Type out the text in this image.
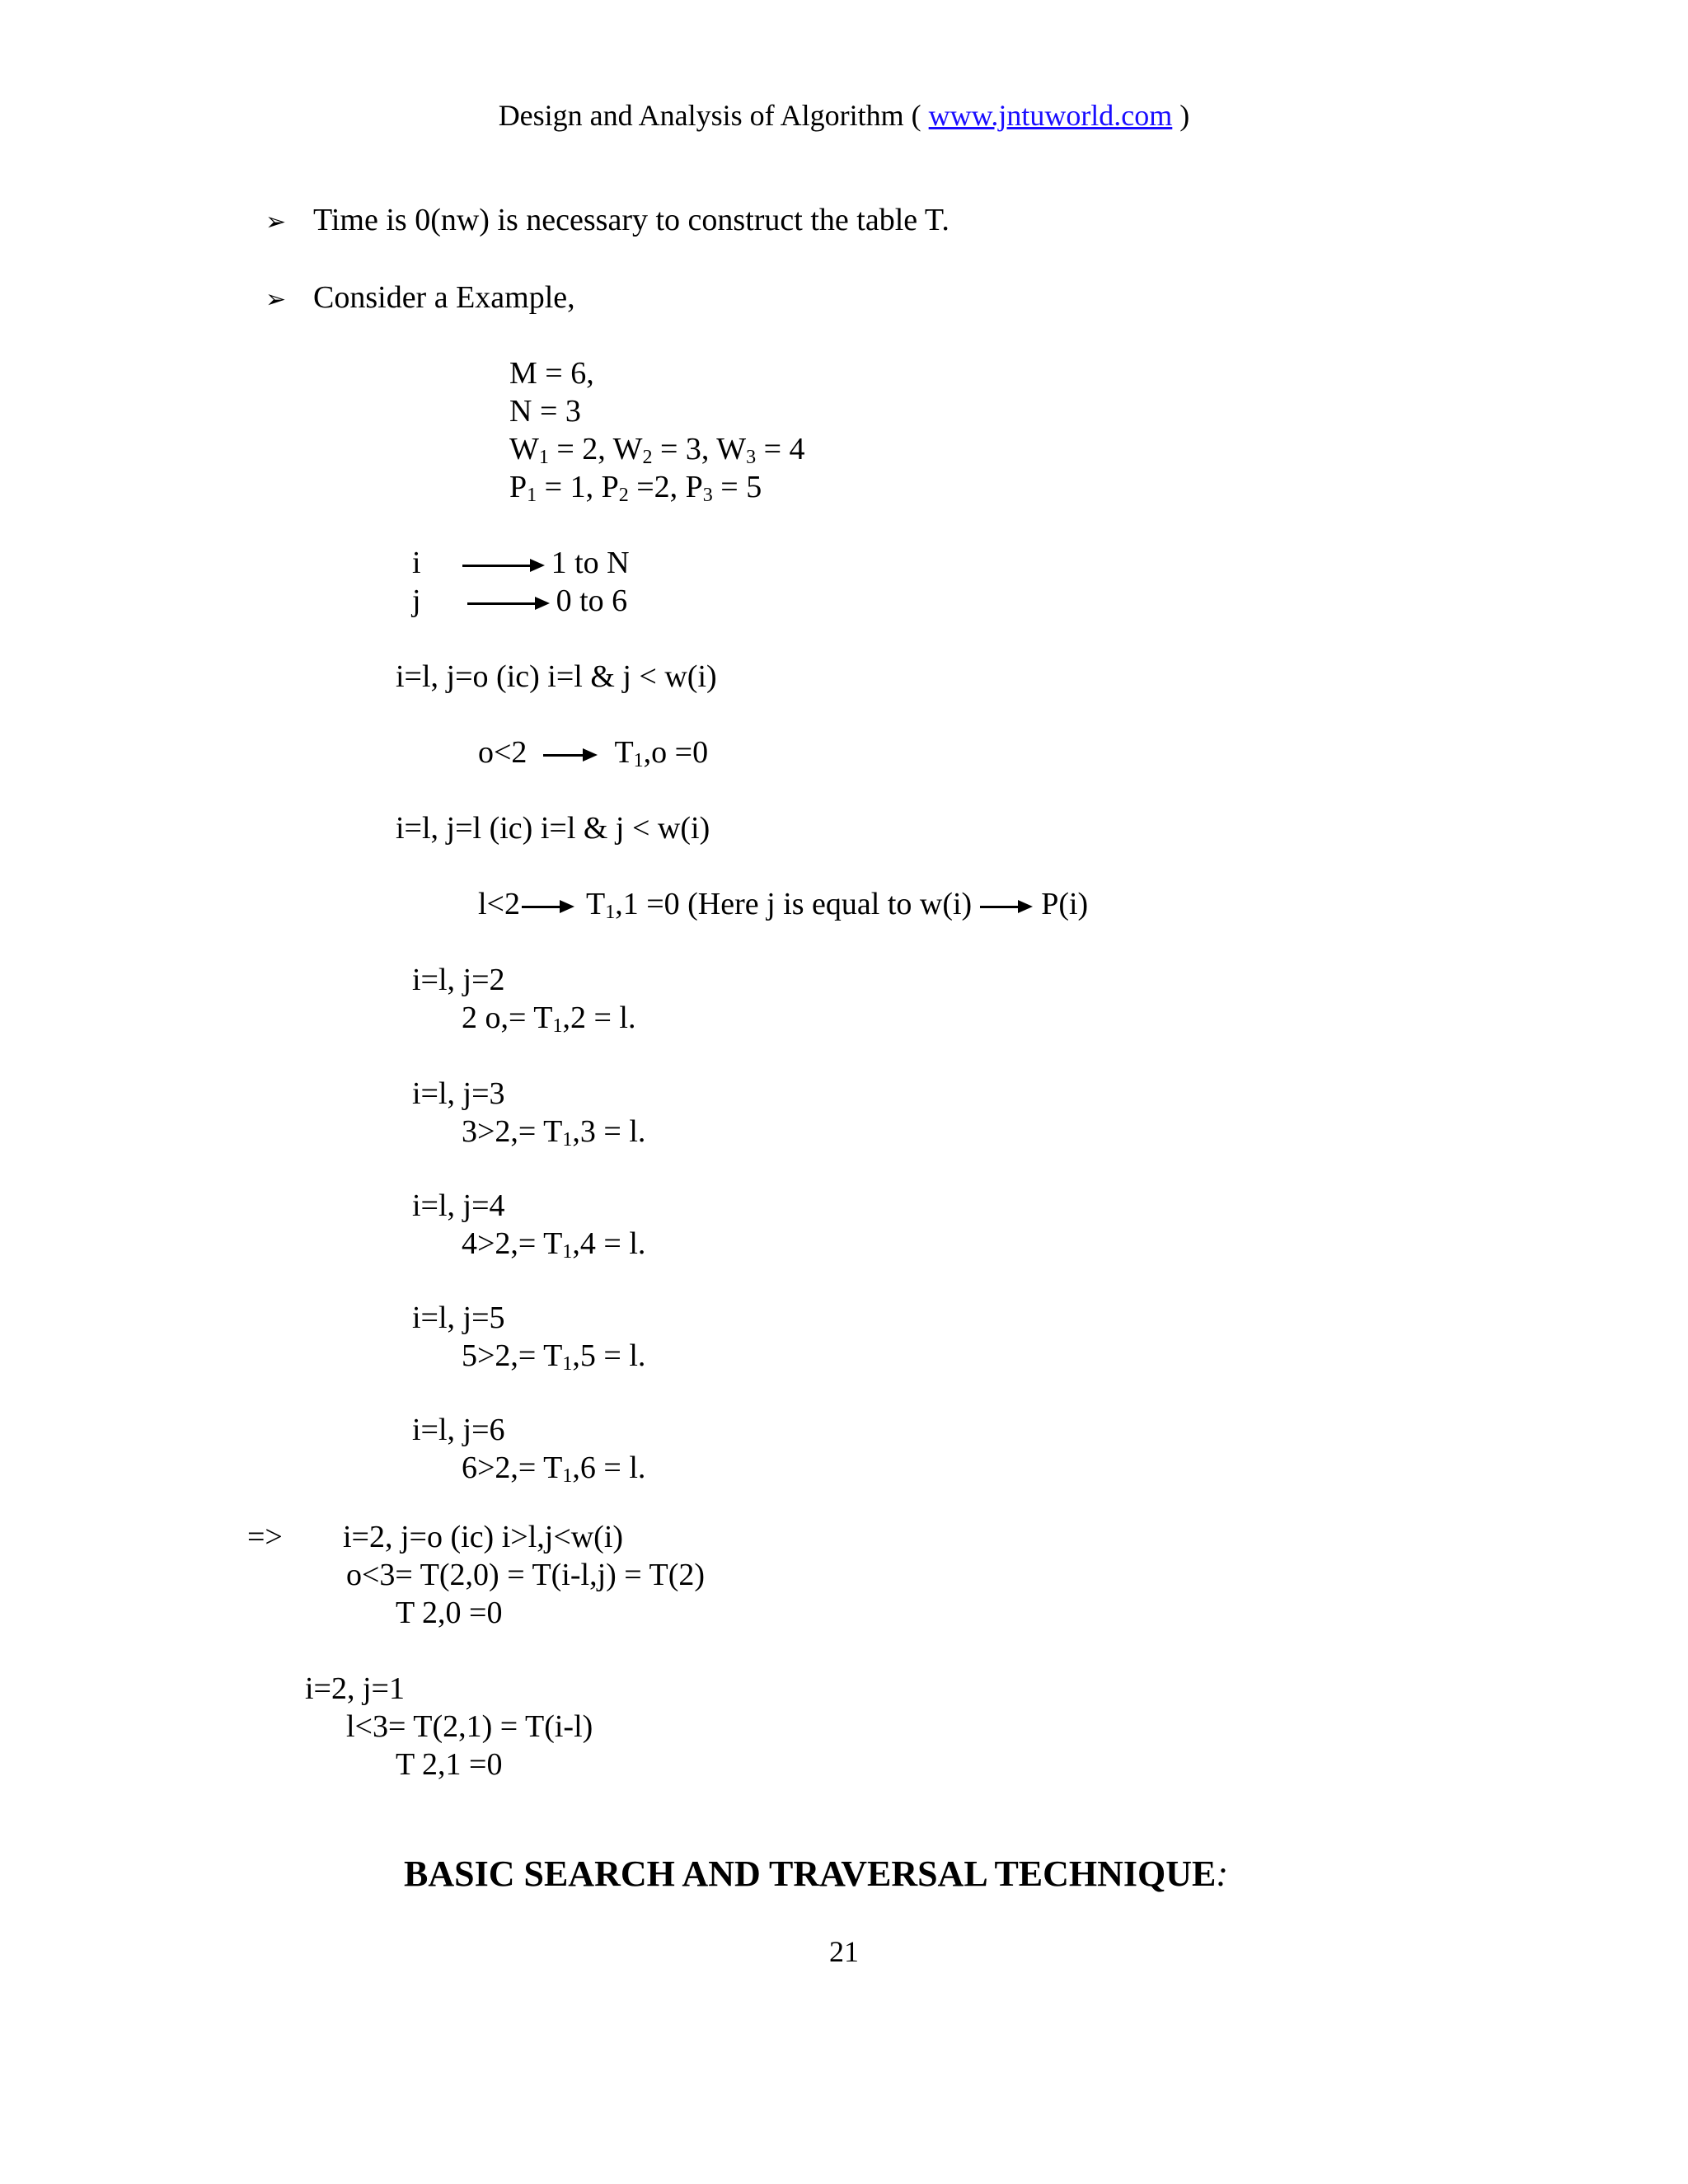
Design and Analysis of Algorithm ( www.jntuworld.com )
➢ Time is 0(nw) is necessary to construct the table T.
➢ Consider a Example,
M = 6,
N = 3
$W_1 = 2$, $W_2 = 3$, $W_3 = 4$
$P_1 = 1$, $P_2 =2$, $P_3 = 5$
i	1 to N
j	0 to 6
i=l, j=o (ic) i=l & j < w(i)
o<2	$T_1,o =0$
i=l, j=l (ic) i=l & j < w(i)
l<2 $T_1,1 =0$ (Here j is equal to w(i) P(i)
i=l, j=2
2 $o,= T_1,2 = l$.
i=l, j=3
$3>2,= T_1,3 = l$.
i=l, j=4
$4>2,= T_1,4 = l$.
i=l, j=5
$5>2,= T_1,5 = l$.
i=l, j=6
$6>2,= T_1,6 = l$.
=> i=2, j=o (ic) i>l,j<w(i)
o<3= T(2,0) = T(i-l,j) = T(2)
T 2,0 =0
i=2, j=1
l<3= T(2,1) = T(i-l)
T 2,1 =0
BASIC SEARCH AND TRAVERSAL TECHNIQUE:
21
